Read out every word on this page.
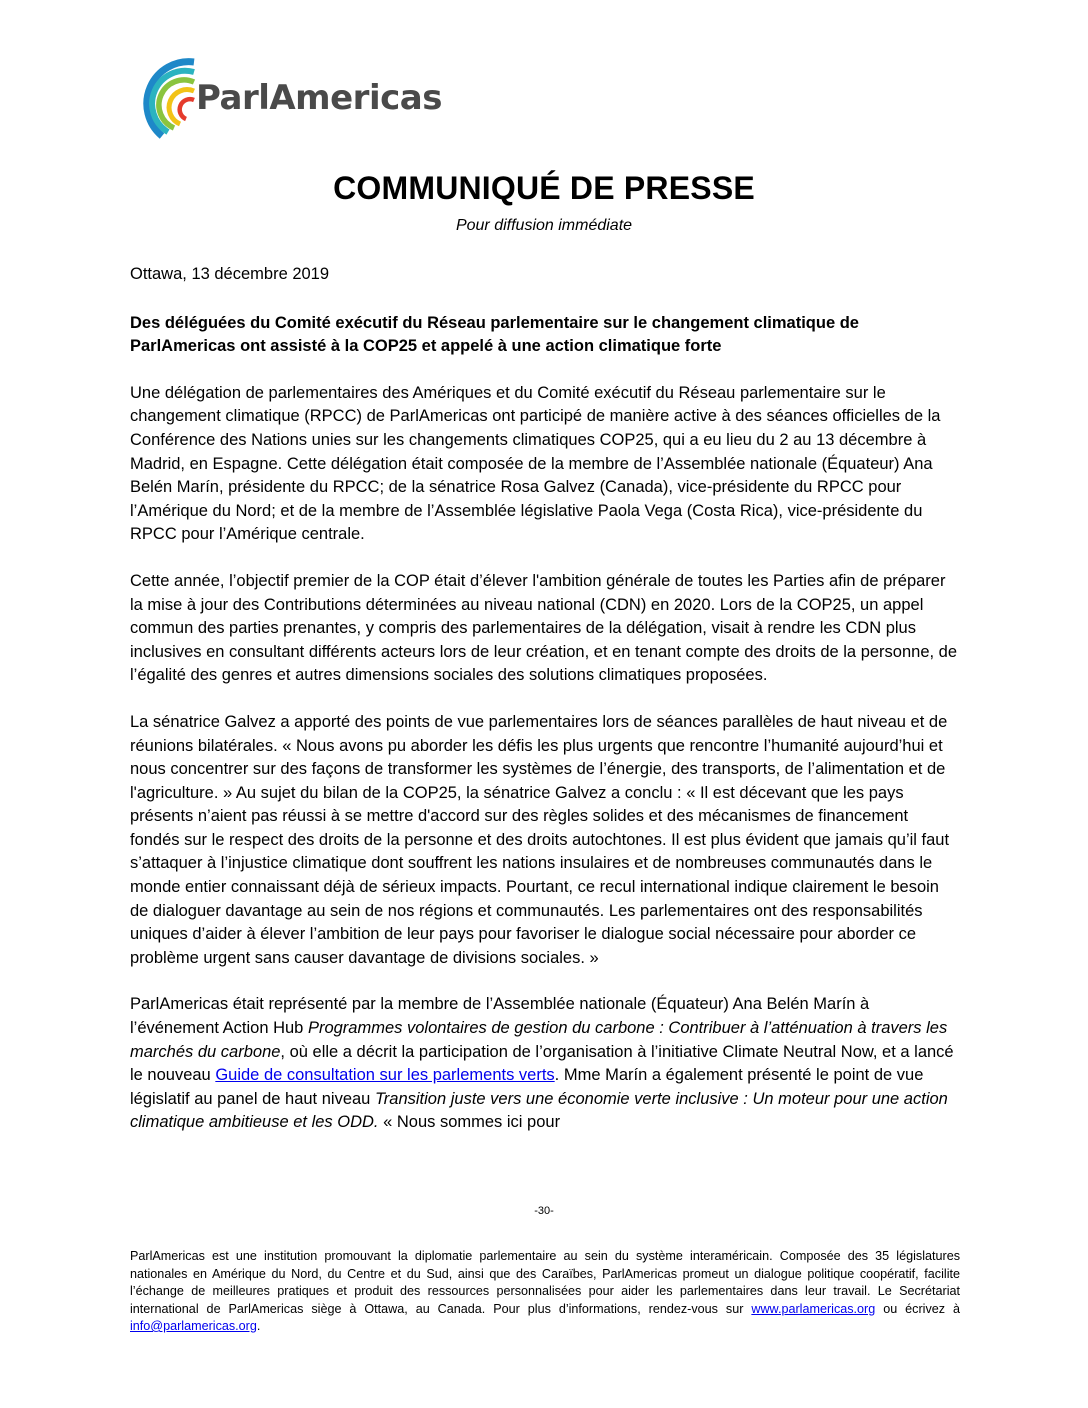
ParlAmericas
COMMUNIQUÉ DE PRESSE
Pour diffusion immédiate

Ottawa, 13 décembre 2019

Des déléguées du Comité exécutif du Réseau parlementaire sur le changement climatique de ParlAmericas ont assisté à la COP25 et appelé à une action climatique forte

Une délégation de parlementaires des Amériques et du Comité exécutif du Réseau parlementaire sur le changement climatique (RPCC) de ParlAmericas ont participé de manière active à des séances officielles de la Conférence des Nations unies sur les changements climatiques COP25, qui a eu lieu du 2 au 13 décembre à Madrid, en Espagne. Cette délégation était composée de la membre de l’Assemblée nationale (Équateur) Ana Belén Marín, présidente du RPCC; de la sénatrice Rosa Galvez (Canada), vice-présidente du RPCC pour l’Amérique du Nord; et de la membre de l’Assemblée législative Paola Vega (Costa Rica), vice-présidente du RPCC pour l’Amérique centrale.

Cette année, l’objectif premier de la COP était d’élever l'ambition générale de toutes les Parties afin de préparer la mise à jour des Contributions déterminées au niveau national (CDN) en 2020. Lors de la COP25, un appel commun des parties prenantes, y compris des parlementaires de la délégation, visait à rendre les CDN plus inclusives en consultant différents acteurs lors de leur création, et en tenant compte des droits de la personne, de l’égalité des genres et autres dimensions sociales des solutions climatiques proposées.

La sénatrice Galvez a apporté des points de vue parlementaires lors de séances parallèles de haut niveau et de réunions bilatérales. « Nous avons pu aborder les défis les plus urgents que rencontre l’humanité aujourd’hui et nous concentrer sur des façons de transformer les systèmes de l’énergie, des transports, de l’alimentation et de l'agriculture. » Au sujet du bilan de la COP25, la sénatrice Galvez a conclu : « Il est décevant que les pays présents n’aient pas réussi à se mettre d'accord sur des règles solides et des mécanismes de financement fondés sur le respect des droits de la personne et des droits autochtones. Il est plus évident que jamais qu’il faut s’attaquer à l’injustice climatique dont souffrent les nations insulaires et de nombreuses communautés dans le monde entier connaissant déjà de sérieux impacts. Pourtant, ce recul international indique clairement le besoin de dialoguer davantage au sein de nos régions et communautés. Les parlementaires ont des responsabilités uniques d’aider à élever l’ambition de leur pays pour favoriser le dialogue social nécessaire pour aborder ce problème urgent sans causer davantage de divisions sociales. »

ParlAmericas était représenté par la membre de l’Assemblée nationale (Équateur) Ana Belén Marín à l’événement Action Hub Programmes volontaires de gestion du carbone : Contribuer à l’atténuation à travers les marchés du carbone, où elle a décrit la participation de l’organisation à l’initiative Climate Neutral Now, et a lancé le nouveau Guide de consultation sur les parlements verts. Mme Marín a également présenté le point de vue législatif au panel de haut niveau Transition juste vers une économie verte inclusive : Un moteur pour une action climatique ambitieuse et les ODD. « Nous sommes ici pour

-30-
ParlAmericas est une institution promouvant la diplomatie parlementaire au sein du système interaméricain. Composée des 35 législatures nationales en Amérique du Nord, du Centre et du Sud, ainsi que des Caraïbes, ParlAmericas promeut un dialogue politique coopératif, facilite l’échange de meilleures pratiques et produit des ressources personnalisées pour aider les parlementaires dans leur travail. Le Secrétariat international de ParlAmericas siège à Ottawa, au Canada. Pour plus d’informations, rendez-vous sur www.parlamericas.org ou écrivez à info@parlamericas.org.
